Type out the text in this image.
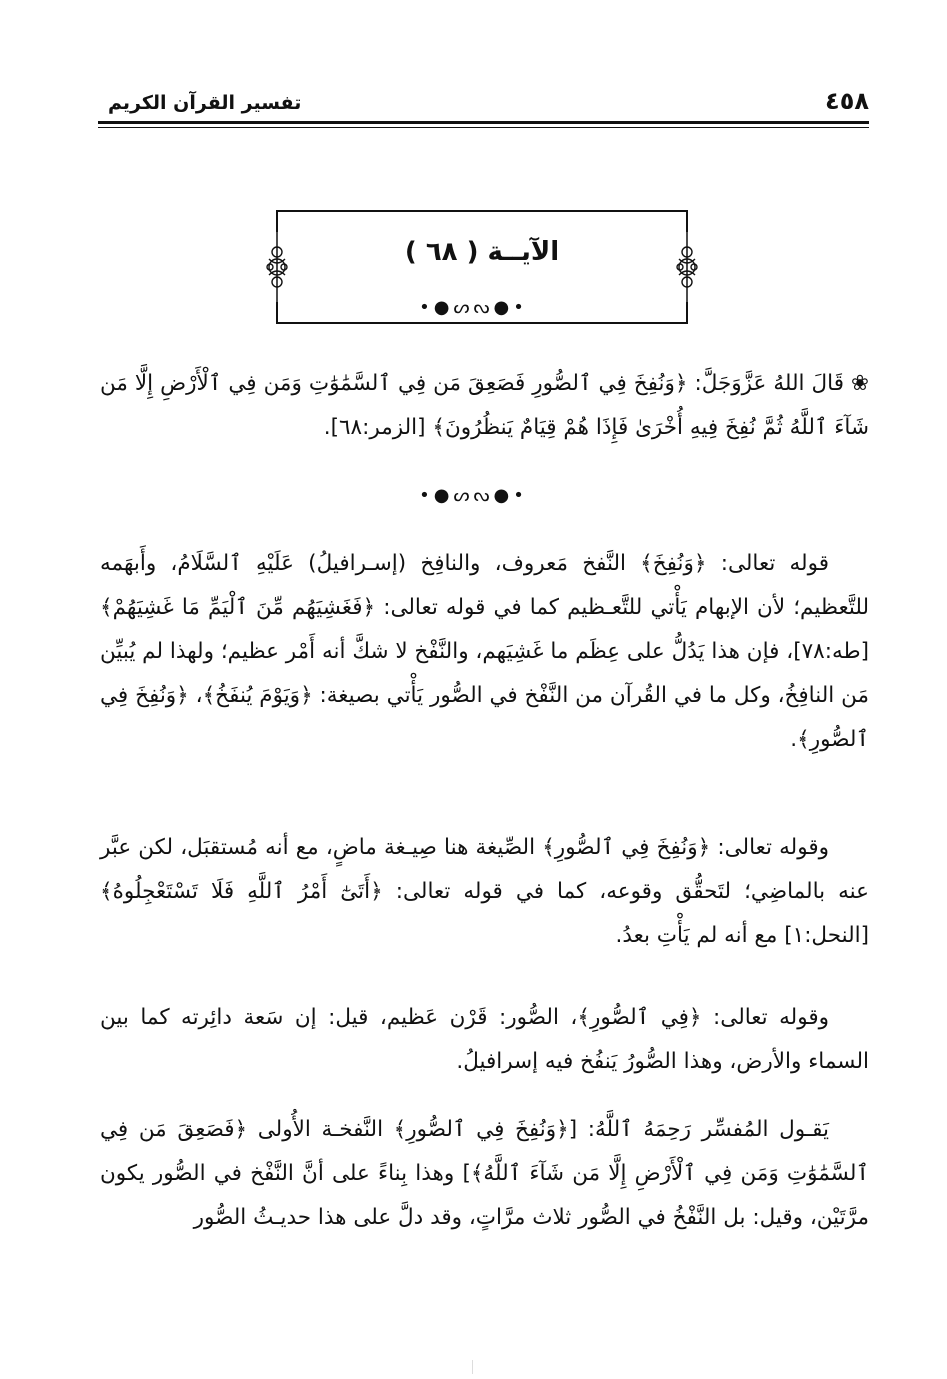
٤٥٨
تفسير القرآن الكريم
الآيــة ( ٦٨ )
•●ᔕᔓ●•

❀ قَالَ اللهُ عَزَّوَجَلَّ: ﴿وَنُفِخَ فِي ٱلصُّورِ فَصَعِقَ مَن فِي ٱلسَّمَٰوَٰتِ وَمَن فِي ٱلْأَرْضِ إِلَّا مَن شَآءَ ٱللَّهُ ثُمَّ نُفِخَ فِيهِ أُخْرَىٰ فَإِذَا هُمْ قِيَامٌ يَنظُرُونَ﴾ [الزمر:٦٨].

•●ᔕᔓ●•

قوله تعالى: ﴿وَنُفِخَ﴾ النَّفخ مَعروف، والنافِخ (إسـرافيلُ) عَلَيْهِ ٱلسَّلَامُ، وأَبهَمه للتَّعظيم؛ لأن الإبهام يَأْتي للتَّعـظيم كما في قوله تعالى: ﴿فَغَشِيَهُم مِّنَ ٱلْيَمِّ مَا غَشِيَهُمْ﴾ [طه:٧٨]، فإن هذا يَدُلُّ على عِظَم ما غَشِيَهم، والنَّفْخ لا شكَّ أنه أَمْر عظيم؛ ولهذا لم يُبيِّن مَن النافِخُ، وكل ما في القُرآن من النَّفْخ في الصُّور يَأْتي بصيغة: ﴿وَيَوْمَ يُنفَخُ﴾، ﴿وَنُفِخَ فِي ٱلصُّورِ﴾.

وقوله تعالى: ﴿وَنُفِخَ فِي ٱلصُّورِ﴾ الصِّيغة هنا صِيـغة ماضٍ، مع أنه مُستقبَل، لكن عبَّر عنه بالماضِي؛ لتَحقُّق وقوعه، كما في قوله تعالى: ﴿أَتَىٰٓ أَمْرُ ٱللَّهِ فَلَا تَسْتَعْجِلُوهُ﴾ [النحل:١] مع أنه لم يَأْتِ بعدُ.

وقوله تعالى: ﴿فِي ٱلصُّورِ﴾، الصُّور: قَرْن عَظيم، قيل: إن سَعة دائِرته كما بين السماء والأرض، وهذا الصُّورُ يَنفُخ فيه إسرافيلُ.

يَقـول المُفسِّر رَحِمَهُ ٱللَّهُ: [﴿وَنُفِخَ فِي ٱلصُّورِ﴾ النَّفخـة الأُولى ﴿فَصَعِقَ مَن فِي ٱلسَّمَٰوَٰتِ وَمَن فِي ٱلْأَرْضِ إِلَّا مَن شَآءَ ٱللَّهُ﴾] وهذا بِناءً على أنَّ النَّفْخ في الصُّور يكون مرَّتَيْن، وقيل: بل النَّفْخُ في الصُّور ثلاث مرَّاتٍ، وقد دلَّ على هذا حديـثُ الصُّور
